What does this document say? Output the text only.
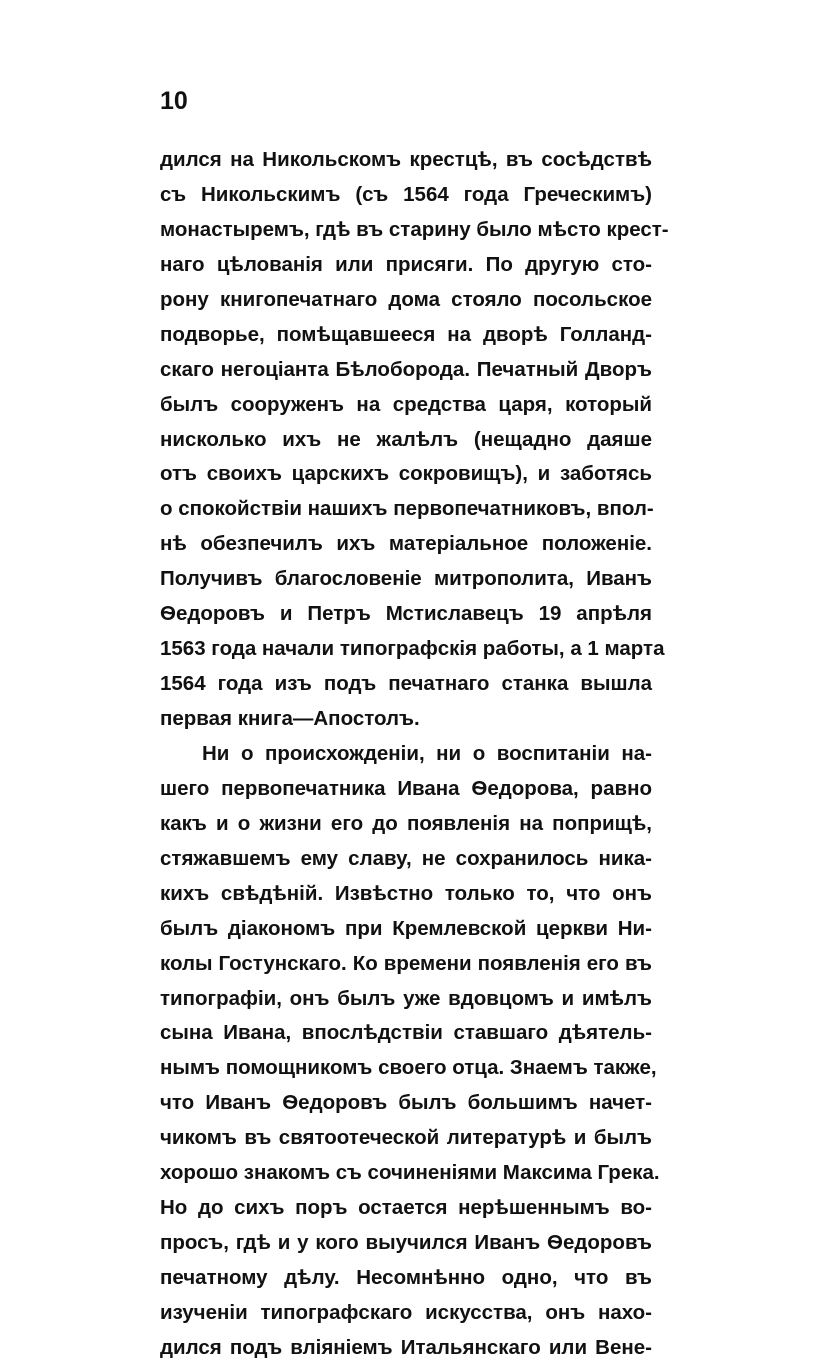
10
дился на Никольскомъ крестцѣ, въ сосѣдствѣ
съ Никольскимъ (съ 1564 года Греческимъ)
монастыремъ, гдѣ въ старину было мѣсто крест-
наго цѣлованія или присяги. По другую сто-
рону книгопечатнаго дома стояло посольское
подворье, помѣщавшееся на дворѣ Голланд-
скаго негоціанта Бѣлоборода. Печатный Дворъ
былъ сооруженъ на средства царя, который
нисколько ихъ не жалѣлъ (нещадно даяше
отъ своихъ царскихъ сокровищъ), и заботясь
о спокойствіи нашихъ первопечатниковъ, впол-
нѣ обезпечилъ ихъ матеріальное положеніе.
Получивъ благословеніе митрополита, Иванъ
Ѳедоровъ и Петръ Мстиславецъ 19 апрѣля
1563 года начали типографскія работы, а 1 марта
1564 года изъ подъ печатнаго станка вышла
первая книга—Апостолъ.
Ни о происхожденіи, ни о воспитаніи на-
шего первопечатника Ивана Ѳедорова, равно
какъ и о жизни его до появленія на поприщѣ,
стяжавшемъ ему славу, не сохранилось ника-
кихъ свѣдѣній. Извѣстно только то, что онъ
былъ діакономъ при Кремлевской церкви Ни-
колы Гостунскаго. Ко времени появленія его въ
типографіи, онъ былъ уже вдовцомъ и имѣлъ
сына Ивана, впослѣдствіи ставшаго дѣятель-
нымъ помощникомъ своего отца. Знаемъ также,
что Иванъ Ѳедоровъ былъ большимъ начет-
чикомъ въ святоотеческой литературѣ и былъ
хорошо знакомъ съ сочиненіями Максима Грека.
Но до сихъ поръ остается нерѣшеннымъ во-
просъ, гдѣ и у кого выучился Иванъ Ѳедоровъ
печатному дѣлу. Несомнѣнно одно, что въ
изученіи типографскаго искусства, онъ нахо-
дился подъ вліяніемъ Итальянскаго или Вене-
